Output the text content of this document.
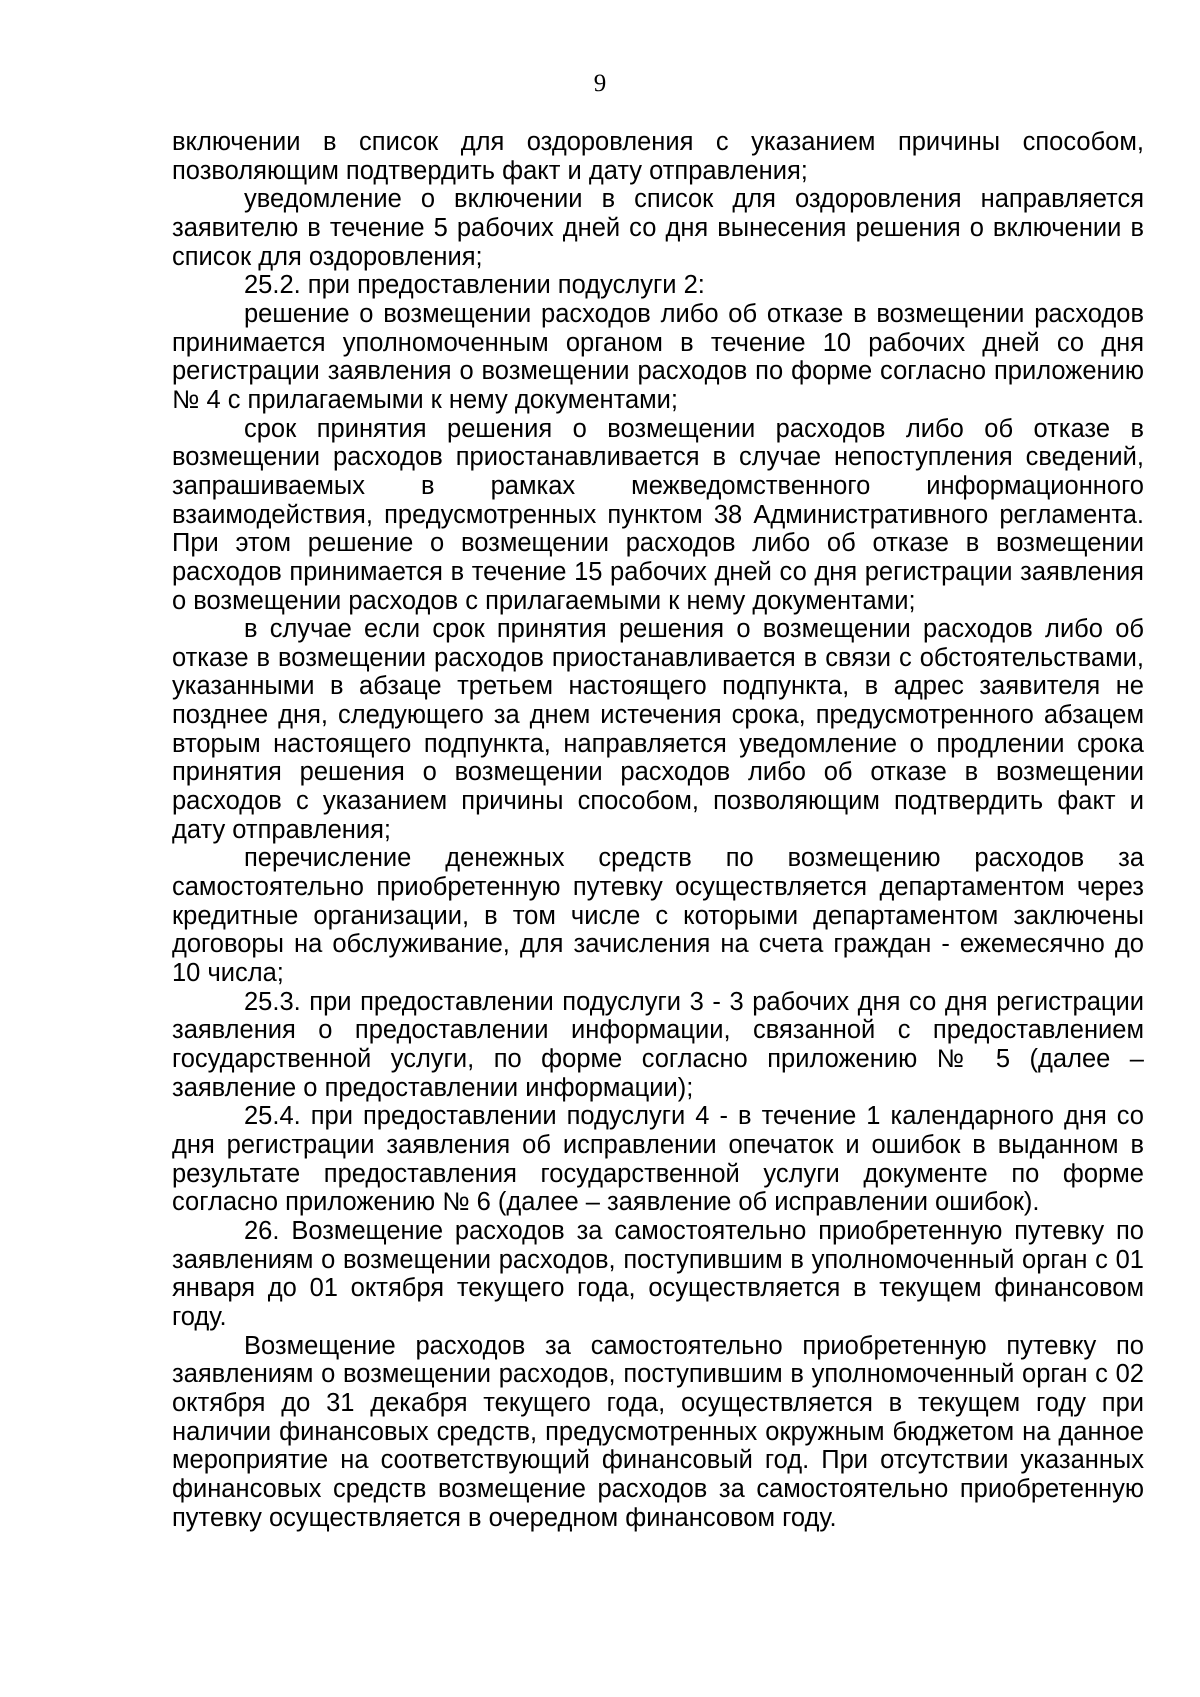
9

включении в список для оздоровления с указанием причины способом, позволяющим подтвердить факт и дату отправления;

уведомление о включении в список для оздоровления направляется заявителю в течение 5 рабочих дней со дня вынесения решения о включении в список для оздоровления;

25.2. при предоставлении подуслуги 2:

решение о возмещении расходов либо об отказе в возмещении расходов принимается уполномоченным органом в течение 10 рабочих дней со дня регистрации заявления о возмещении расходов по форме согласно приложению № 4 с прилагаемыми к нему документами;

срок принятия решения о возмещении расходов либо об отказе в возмещении расходов приостанавливается в случае непоступления сведений, запрашиваемых в рамках межведомственного информационного взаимодействия, предусмотренных пунктом 38 Административного регламента. При этом решение о возмещении расходов либо об отказе в возмещении расходов принимается в течение 15 рабочих дней со дня регистрации заявления о возмещении расходов с прилагаемыми к нему документами;

в случае если срок принятия решения о возмещении расходов либо об отказе в возмещении расходов приостанавливается в связи с обстоятельствами, указанными в абзаце третьем настоящего подпункта, в адрес заявителя не позднее дня, следующего за днем истечения срока, предусмотренного абзацем вторым настоящего подпункта, направляется уведомление о продлении срока принятия решения о возмещении расходов либо об отказе в возмещении расходов с указанием причины способом, позволяющим подтвердить факт и дату отправления;

перечисление денежных средств по возмещению расходов за самостоятельно приобретенную путевку осуществляется департаментом через кредитные организации, в том числе с которыми департаментом заключены договоры на обслуживание, для зачисления на счета граждан - ежемесячно до 10 числа;

25.3. при предоставлении подуслуги 3 - 3 рабочих дня со дня регистрации заявления о предоставлении информации, связанной с предоставлением государственной услуги, по форме согласно приложению № 5 (далее – заявление о предоставлении информации);

25.4. при предоставлении подуслуги 4 - в течение 1 календарного дня со дня регистрации заявления об исправлении опечаток и ошибок в выданном в результате предоставления государственной услуги документе по форме согласно приложению № 6 (далее – заявление об исправлении ошибок).

26. Возмещение расходов за самостоятельно приобретенную путевку по заявлениям о возмещении расходов, поступившим в уполномоченный орган с 01 января до 01 октября текущего года, осуществляется в текущем финансовом году.

Возмещение расходов за самостоятельно приобретенную путевку по заявлениям о возмещении расходов, поступившим в уполномоченный орган с 02 октября до 31 декабря текущего года, осуществляется в текущем году при наличии финансовых средств, предусмотренных окружным бюджетом на данное мероприятие на соответствующий финансовый год. При отсутствии указанных финансовых средств возмещение расходов за самостоятельно приобретенную путевку осуществляется в очередном финансовом году.
